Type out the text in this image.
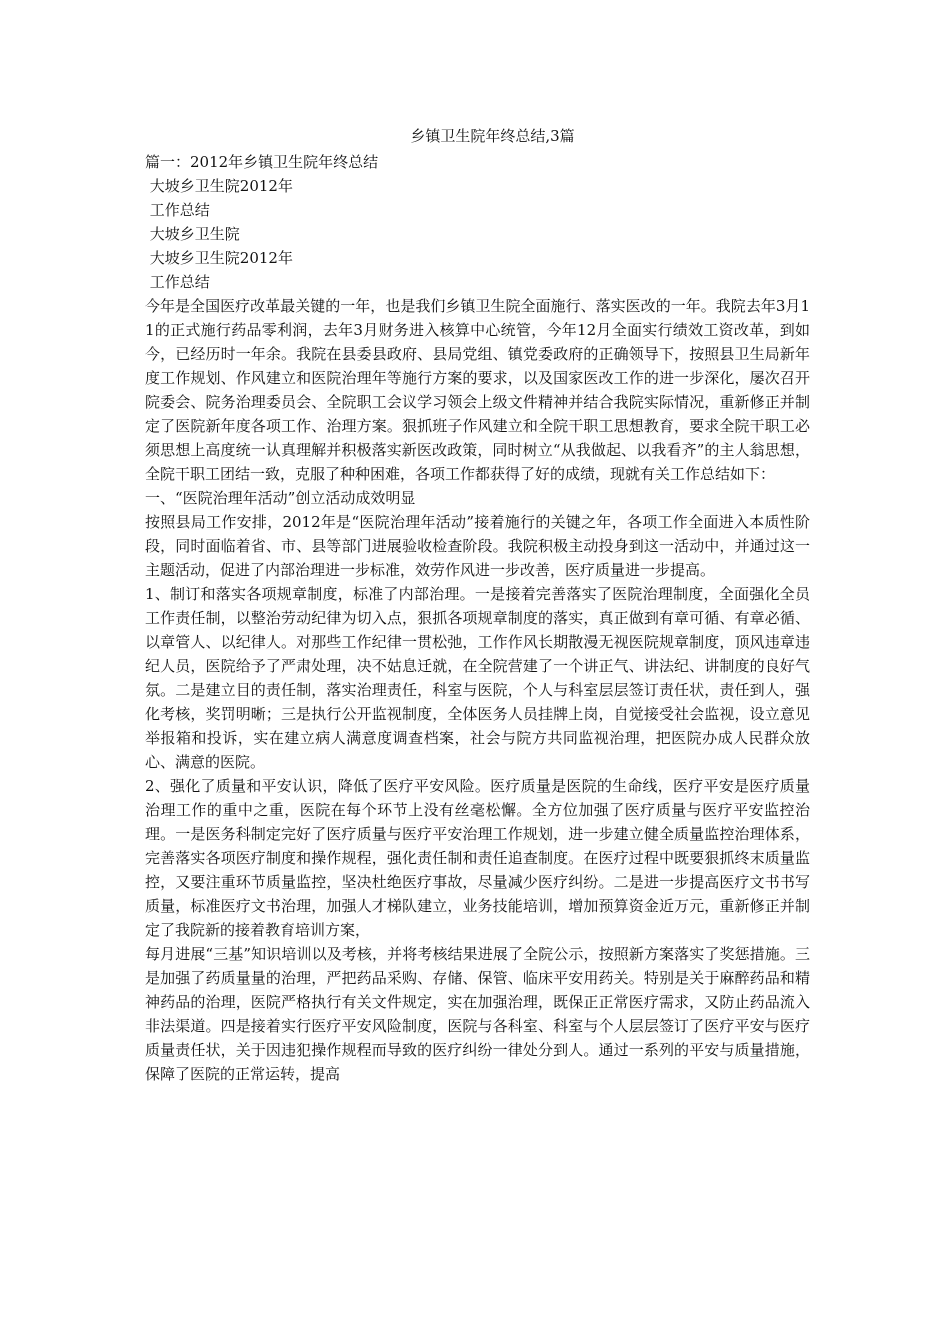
乡镇卫生院年终总结,3篇
篇一：2012年乡镇卫生院年终总结
大坡乡卫生院2012年
工作总结
大坡乡卫生院
大坡乡卫生院2012年
工作总结

今年是全国医疗改革最关键的一年，也是我们乡镇卫生院全面施行、落实医改的一年。我院去年3月11的正式施行药品零利润，去年3月财务进入核算中心统管，今年12月全面实行绩效工资改革，到如今，已经历时一年余。我院在县委县政府、县局党组、镇党委政府的正确领导下，按照县卫生局新年度工作规划、作风建立和医院治理年等施行方案的要求，以及国家医改工作的进一步深化，屡次召开院委会、院务治理委员会、全院职工会议学习领会上级文件精神并结合我院实际情况，重新修正并制定了医院新年度各项工作、治理方案。狠抓班子作风建立和全院干职工思想教育，要求全院干职工必须思想上高度统一认真理解并积极落实新医改政策，同时树立“从我做起、以我看齐”的主人翁思想，全院干职工团结一致，克服了种种困难，各项工作都获得了好的成绩，现就有关工作总结如下：

一、“医院治理年活动”创立活动成效明显

按照县局工作安排，2012年是“医院治理年活动”接着施行的关键之年，各项工作全面进入本质性阶段，同时面临着省、市、县等部门进展验收检查阶段。我院积极主动投身到这一活动中，并通过这一主题活动，促进了内部治理进一步标准，效劳作风进一步改善，医疗质量进一步提高。

1、制订和落实各项规章制度，标准了内部治理。一是接着完善落实了医院治理制度，全面强化全员工作责任制，以整治劳动纪律为切入点，狠抓各项规章制度的落实，真正做到有章可循、有章必循、以章管人、以纪律人。对那些工作纪律一贯松弛，工作作风长期散漫无视医院规章制度，顶风违章违纪人员，医院给予了严肃处理，决不姑息迁就，在全院营建了一个讲正气、讲法纪、讲制度的良好气氛。二是建立目的责任制，落实治理责任，科室与医院，个人与科室层层签订责任状，责任到人，强化考核，奖罚明晰；三是执行公开监视制度，全体医务人员挂牌上岗，自觉接受社会监视，设立意见举报箱和投诉，实在建立病人满意度调查档案，社会与院方共同监视治理，把医院办成人民群众放心、满意的医院。

2、强化了质量和平安认识，降低了医疗平安风险。医疗质量是医院的生命线，医疗平安是医疗质量治理工作的重中之重，医院在每个环节上没有丝毫松懈。全方位加强了医疗质量与医疗平安监控治理。一是医务科制定完好了医疗质量与医疗平安治理工作规划，进一步建立健全质量监控治理体系，完善落实各项医疗制度和操作规程，强化责任制和责任追查制度。在医疗过程中既要狠抓终末质量监控，又要注重环节质量监控，坚决杜绝医疗事故，尽量减少医疗纠纷。二是进一步提高医疗文书书写质量，标准医疗文书治理，加强人才梯队建立，业务技能培训，增加预算资金近万元，重新修正并制定了我院新的接着教育培训方案，

每月进展“三基”知识培训以及考核，并将考核结果进展了全院公示，按照新方案落实了奖惩措施。三是加强了药质量量的治理，严把药品采购、存储、保管、临床平安用药关。特别是关于麻醉药品和精神药品的治理，医院严格执行有关文件规定，实在加强治理，既保正正常医疗需求，又防止药品流入非法渠道。四是接着实行医疗平安风险制度，医院与各科室、科室与个人层层签订了医疗平安与医疗质量责任状，关于因违犯操作规程而导致的医疗纠纷一律处分到人。通过一系列的平安与质量措施，保障了医院的正常运转，提高
